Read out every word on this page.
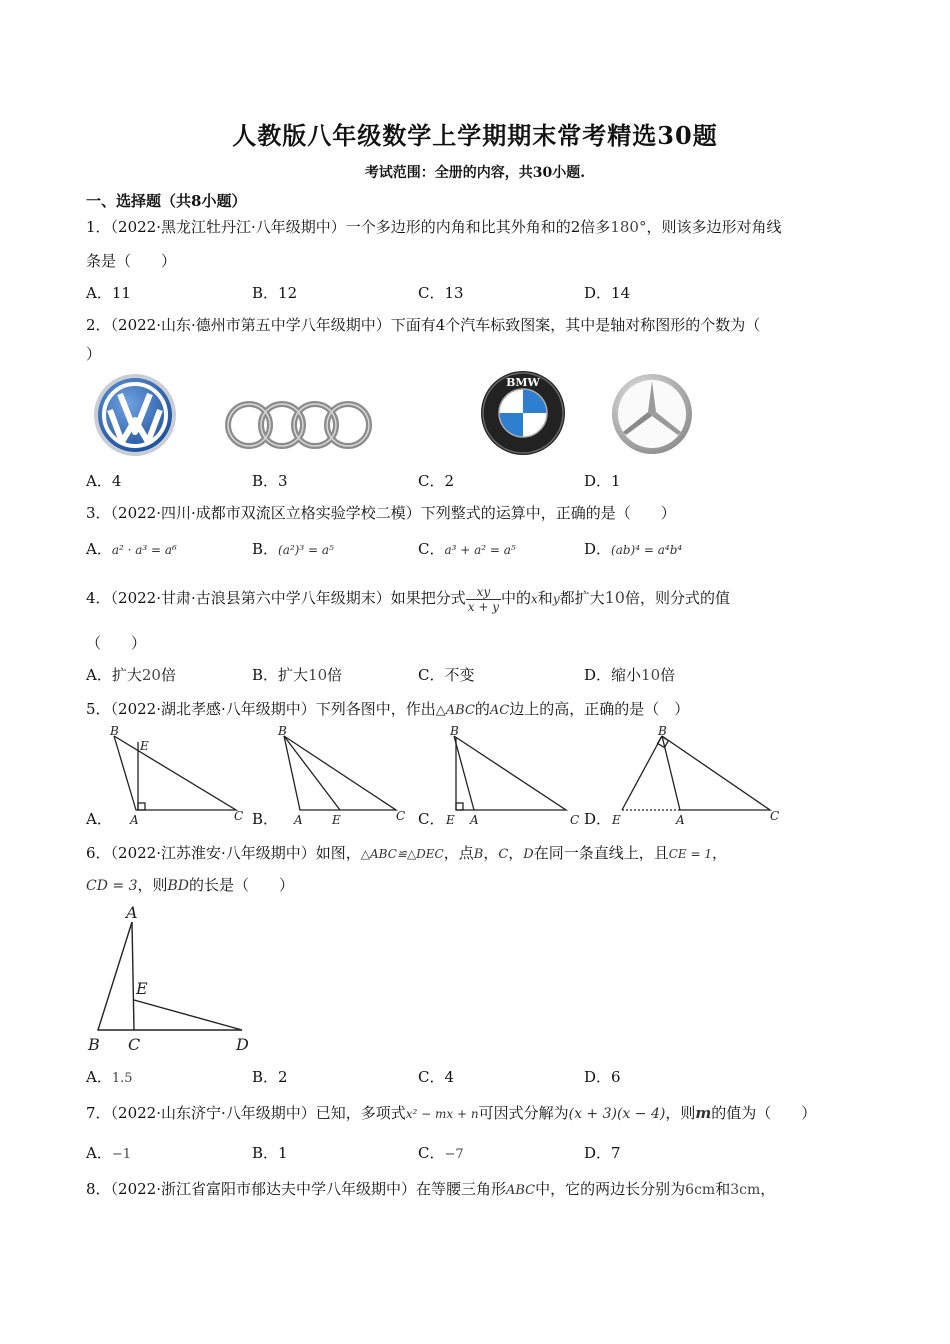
人教版八年级数学上学期期末常考精选30题
考试范围：全册的内容，共30小题.
一、选择题（共8小题）
1．（2022·黑龙江牡丹江·八年级期中）一个多边形的内角和比其外角和的2倍多180°，则该多边形对角线
条是（　　）
A．11	B．12	C．13	D．14
2．（2022·山东·德州市第五中学八年级期中）下面有4个汽车标致图案，其中是轴对称图形的个数为（
）
BMW
A．4	B．3	C．2	D．1
3．（2022·四川·成都市双流区立格实验学校二模）下列整式的运算中，正确的是（　　）
A．a² · a³ = a⁶	B．(a²)³ = a⁵	C．a³ + a² = a⁵	D．(ab)⁴ = a⁴b⁴
4．（2022·甘肃·古浪县第六中学八年级期末）如果把分式 $\frac{xy}{x + y}$ 中的x和y都扩大10倍，则分式的值
（　　）
A．扩大20倍	B．扩大10倍	C．不变	D．缩小10倍
5．（2022·湖北孝感·八年级期中）下列各图中，作出△ABC的AC边上的高，正确的是（　）
B
E
A	C
B
A E	C
B
E A	C
B
E	A	C
A．	B．	C．	D．
6．（2022·江苏淮安·八年级期中）如图，△ABC≌△DEC，点B，C，D在同一条直线上，且CE = 1，
CD = 3，则BD的长是（　　）
A
E
B C	D
A．1.5	B．2	C．4	D．6
7．（2022·山东济宁·八年级期中）已知，多项式x² − mx + n可因式分解为(x + 3)(x − 4)，则m的值为（　　）
A．−1	B．1	C．−7	D．7
8．（2022·浙江省富阳市郁达夫中学八年级期中）在等腰三角形ABC中，它的两边长分别为6cm和3cm，
